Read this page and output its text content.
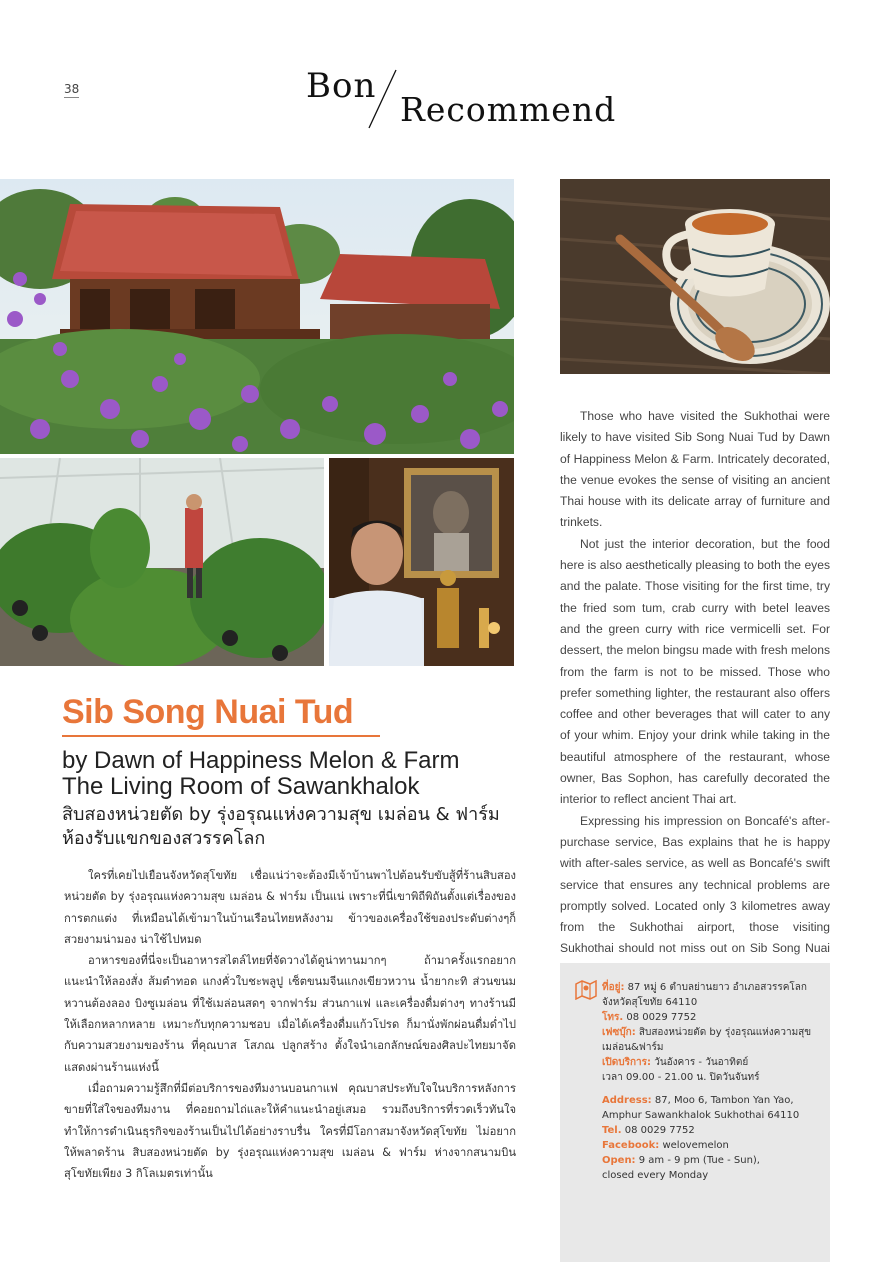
38	Bon
Recommend
Sib Song Nuai Tud
by Dawn of Happiness Melon & Farm
The Living Room of Sawankhalok
สิบสองหน่วยตัด by รุ่งอรุณแห่งความสุข เมล่อน & ฟาร์ม
ห้องรับแขกของสวรรคโลก

ใครที่เคยไปเยือนจังหวัดสุโขทัย เชื่อแน่ว่าจะต้องมีเจ้าบ้านพาไปต้อนรับขับสู้ที่ร้านสิบสองหน่วยตัด by รุ่งอรุณแห่งความสุข เมล่อน & ฟาร์ม เป็นแน่ เพราะที่นี่เขาพิถีพิถันตั้งแต่เรื่องของการตกแต่ง ที่เหมือนได้เข้ามาในบ้านเรือนไทยหลังงาม ข้าวของเครื่องใช้ของประดับต่างๆก็สวยงามน่ามอง น่าใช้ไปหมด

อาหารของที่นี่จะเป็นอาหารสไตล์ไทยที่จัดวางได้ดูน่าทานมากๆ ถ้ามาครั้งแรกอยากแนะนำให้ลองสั่ง ส้มตำทอด แกงคั่วใบชะพลูปู เซ็ตขนมจีนแกงเขียวหวาน น้ำยากะทิ ส่วนขนมหวานต้องลอง บิงซูเมล่อน ที่ใช้เมล่อนสดๆ จากฟาร์ม ส่วนกาแฟ และเครื่องดื่มต่างๆ ทางร้านมีให้เลือกหลากหลาย เหมาะกับทุกความชอบ เมื่อได้เครื่องดื่มแก้วโปรด ก็มานั่งพักผ่อนดื่มด่ำไปกับความสวยงามของร้าน ที่คุณบาส โสภณ ปลูกสร้าง ตั้งใจนำเอกลักษณ์ของศิลปะไทยมาจัดแสดงผ่านร้านแห่งนี้

เมื่อถามความรู้สึกที่มีต่อบริการของทีมงานบอนกาแฟ คุณบาสประทับใจในบริการหลังการขายที่ใส่ใจของทีมงาน ที่คอยถามไถ่และให้คำแนะนำอยู่เสมอ รวมถึงบริการที่รวดเร็วทันใจ ทำให้การดำเนินธุรกิจของร้านเป็นไปได้อย่างราบรื่น ใครที่มีโอกาสมาจังหวัดสุโขทัย ไม่อยากให้พลาดร้าน สิบสองหน่วยตัด by รุ่งอรุณแห่งความสุข เมล่อน & ฟาร์ม ห่างจากสนามบินสุโขทัยเพียง 3 กิโลเมตรเท่านั้น

Those who have visited the Sukhothai were likely to have visited Sib Song Nuai Tud by Dawn of Happiness Melon & Farm. Intricately decorated, the venue evokes the sense of visiting an ancient Thai house with its delicate array of furniture and trinkets.

Not just the interior decoration, but the food here is also aesthetically pleasing to both the eyes and the palate. Those visiting for the first time, try the fried som tum, crab curry with betel leaves and the green curry with rice vermicelli set. For dessert, the melon bingsu made with fresh melons from the farm is not to be missed. Those who prefer something lighter, the restaurant also offers coffee and other beverages that will cater to any of your whim. Enjoy your drink while taking in the beautiful atmosphere of the restaurant, whose owner, Bas Sophon, has carefully decorated the interior to reflect ancient Thai art.

Expressing his impression on Boncafé's after-purchase service, Bas explains that he is happy with after-sales service, as well as Boncafé's swift service that ensures any technical problems are promptly solved. Located only 3 kilometres away from the Sukhothai airport, those visiting Sukhothai should not miss out on Sib Song Nuai

ที่อยู่: 87 หมู่ 6 ตำบลย่านยาว อำเภอสวรรคโลก จังหวัดสุโขทัย 64110
โทร. 08 0029 7752
เฟซบุ๊ก: สิบสองหน่วยตัด by รุ่งอรุณแห่งความสุข เมล่อน&ฟาร์ม
เปิดบริการ: วันอังคาร - วันอาทิตย์
เวลา 09.00 - 21.00 น. ปิดวันจันทร์
Address: 87, Moo 6, Tambon Yan Yao, Amphur Sawankhalok Sukhothai 64110
Tel. 08 0029 7752
Facebook: welovemelon
Open: 9 am - 9 pm (Tue - Sun),
closed every Monday
